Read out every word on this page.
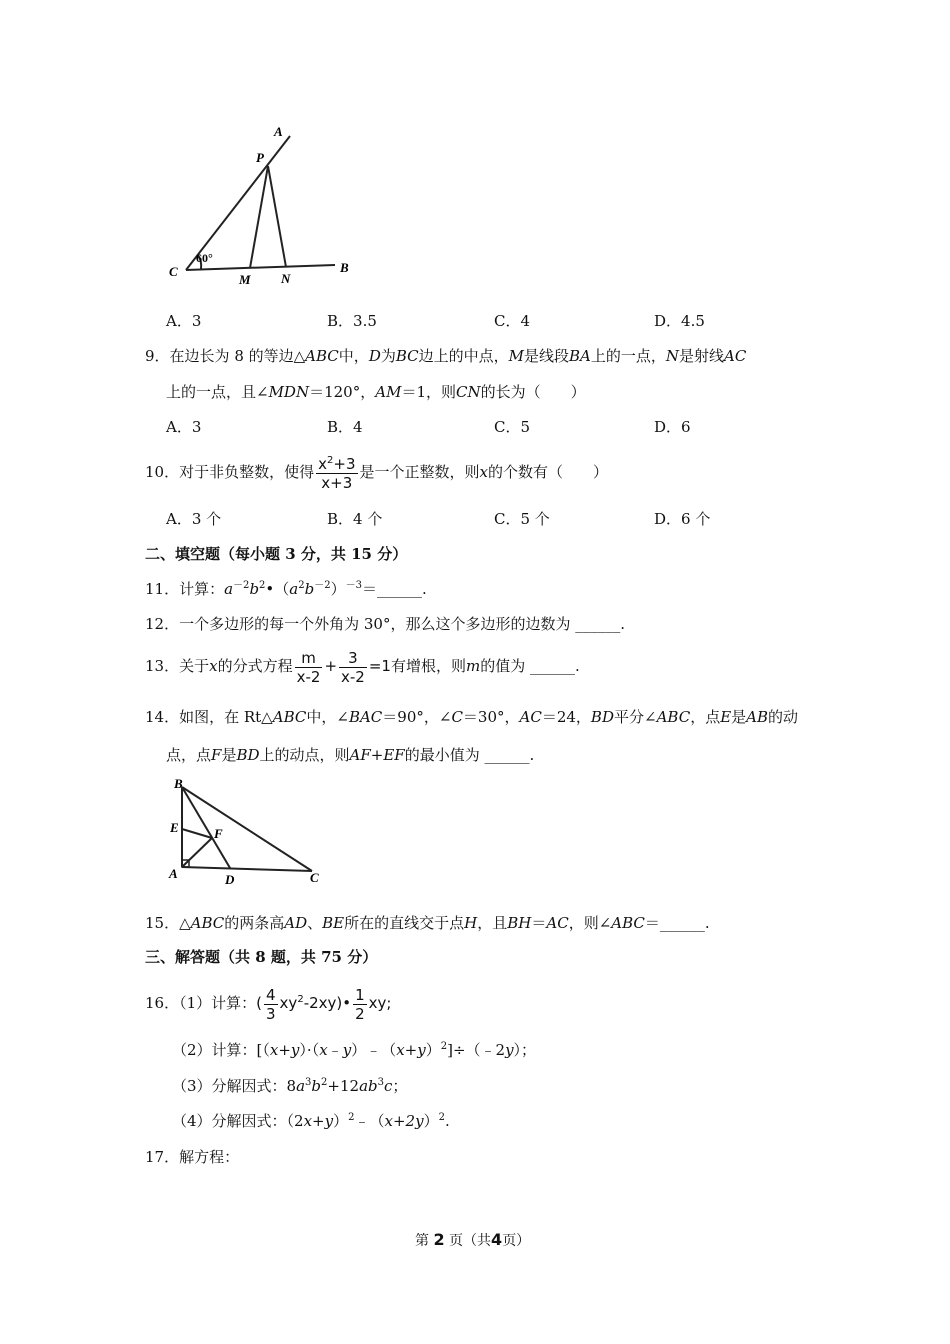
A
P
C
60°
M N
B
A．3	B．3.5	C．4	D．4.5
9．在边长为 8 的等边△ABC中，D为BC边上的中点，M是线段BA上的一点，N是射线AC
上的一点，且∠MDN＝120°，AM＝1，则CN的长为（　　）
A．3	B．4	C．5	D．6
10．对于非负整数，使得 $\frac{x^2+3}{x+3}$ 是一个正整数，则x的个数有（　　）
A．3 个	B．4 个	C．5 个	D．6 个
二、填空题（每小题 3 分，共 15 分）
11．计算：$a^{-2}b^2•(a^2b^{-2})^{-3}=\_\_\_\_\_\_$.
12．一个多边形的每一个外角为 30°，那么这个多边形的边数为 ______.
13．关于x的分式方程 $\frac{m}{x-2} + \frac{3}{x-2} =1$有增根，则m的值为 ______.
14．如图，在 Rt△ABC中，∠BAC＝90°，∠C＝30°，AC＝24，BD平分∠ABC，点E是AB的动
点，点F是BD上的动点，则AF+EF的最小值为 ______.
B
E	F
A	D	C
15．△ABC的两条高AD、BE所在的直线交于点H，且BH＝AC，则∠ABC＝______.
三、解答题（共 8 题，共 75 分）
16．（1）计算：( $\frac{4}{3}$ $xy^2-2xy)• \frac{1}{2}$ xy;
（2）计算：$[(x+y)\cdot(x﹣y)﹣(x+y)^2]\div(﹣2y)$；
（3）分解因式：$8a^3b^2+12ab^3c$；
（4）分解因式：$(2x+y)^2﹣(x+2y)^2$.
17．解方程：
第 2 页（共4页）
